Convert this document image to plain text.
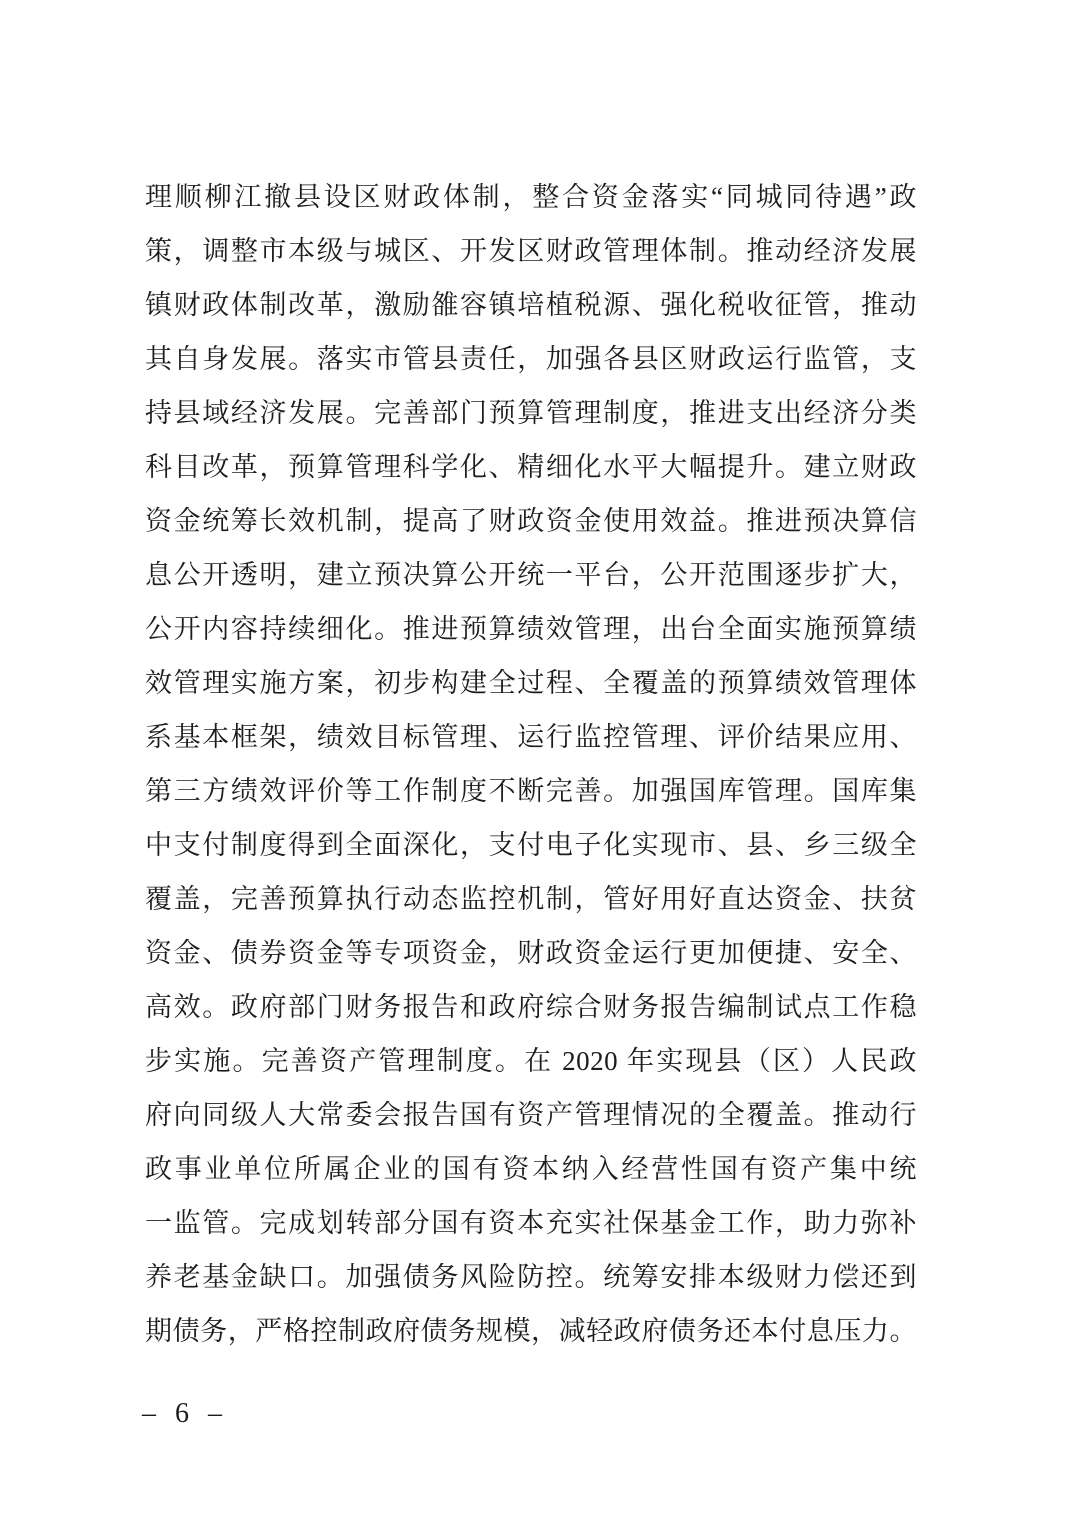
理顺柳江撤县设区财政体制，整合资金落实“同城同待遇”政
策，调整市本级与城区、开发区财政管理体制。推动经济发展
镇财政体制改革，激励雒容镇培植税源、强化税收征管，推动
其自身发展。落实市管县责任，加强各县区财政运行监管，支
持县域经济发展。完善部门预算管理制度，推进支出经济分类
科目改革，预算管理科学化、精细化水平大幅提升。建立财政
资金统筹长效机制，提高了财政资金使用效益。推进预决算信
息公开透明，建立预决算公开统一平台，公开范围逐步扩大，
公开内容持续细化。推进预算绩效管理，出台全面实施预算绩
效管理实施方案，初步构建全过程、全覆盖的预算绩效管理体
系基本框架，绩效目标管理、运行监控管理、评价结果应用、
第三方绩效评价等工作制度不断完善。加强国库管理。国库集
中支付制度得到全面深化，支付电子化实现市、县、乡三级全
覆盖，完善预算执行动态监控机制，管好用好直达资金、扶贫
资金、债券资金等专项资金，财政资金运行更加便捷、安全、
高效。政府部门财务报告和政府综合财务报告编制试点工作稳
步实施。完善资产管理制度。在 2020 年实现县（区）人民政
府向同级人大常委会报告国有资产管理情况的全覆盖。推动行
政事业单位所属企业的国有资本纳入经营性国有资产集中统
一监管。完成划转部分国有资本充实社保基金工作，助力弥补
养老基金缺口。加强债务风险防控。统筹安排本级财力偿还到
期债务，严格控制政府债务规模，减轻政府债务还本付息压力。
– 6 –
